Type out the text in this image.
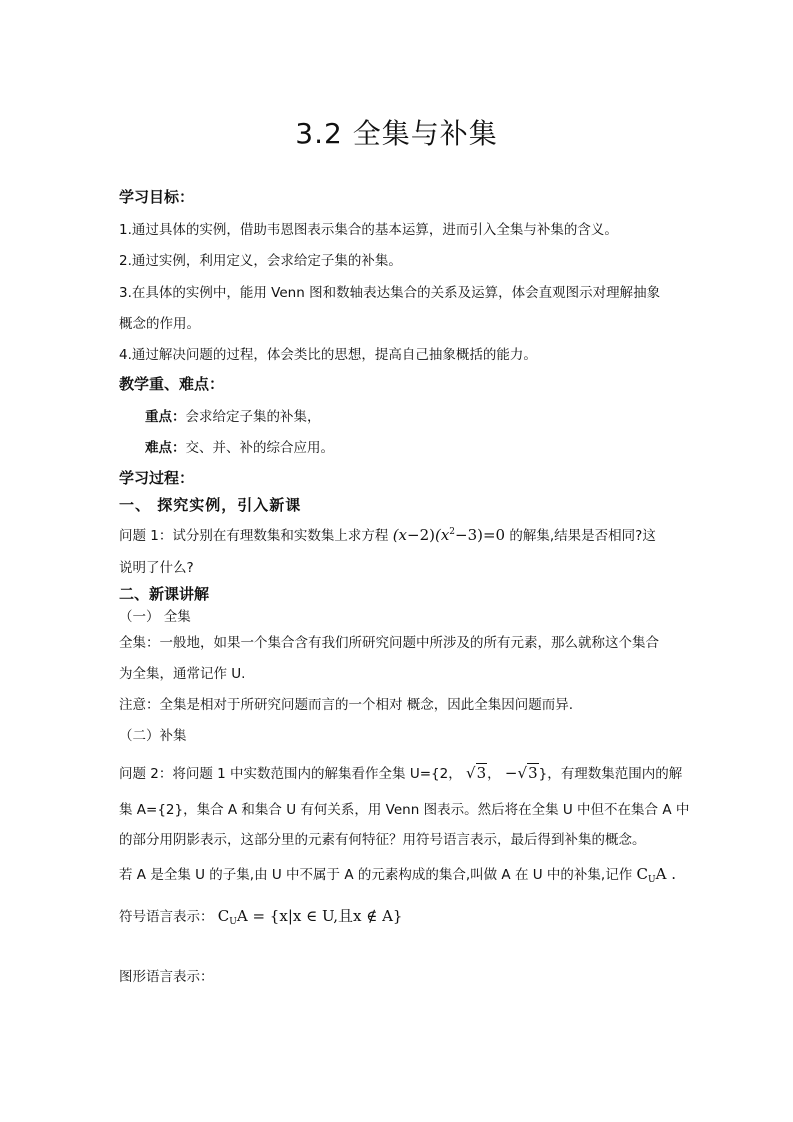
3.2 全集与补集
学习目标：
1.通过具体的实例，借助韦恩图表示集合的基本运算，进而引入全集与补集的含义。
2.通过实例，利用定义，会求给定子集的补集。
3.在具体的实例中，能用 Venn 图和数轴表达集合的关系及运算，体会直观图示对理解抽象
概念的作用。
4.通过解决问题的过程，体会类比的思想，提高自己抽象概括的能力。
教学重、难点：
重点：会求给定子集的补集，
难点：交、并、补的综合应用。
学习过程：
一、 探究实例，引入新课
问题 1：试分别在有理数集和实数集上求方程 $(x-2)(x^2-3)=0$ 的解集,结果是否相同?这
说明了什么?
二、新课讲解
（一） 全集
全集：一般地，如果一个集合含有我们所研究问题中所涉及的所有元素，那么就称这个集合
为全集，通常记作 U.
注意：全集是相对于所研究问题而言的一个相对 概念，因此全集因问题而异.
（二）补集
问题 2：将问题 1 中实数范围内的解集看作全集 U={2， √3， −√3}，有理数集范围内的解
集 A={2}，集合 A 和集合 U 有何关系，用 Venn 图表示。然后将在全集 U 中但不在集合 A 中
的部分用阴影表示，这部分里的元素有何特征？用符号语言表示，最后得到补集的概念。
若 A 是全集 U 的子集,由 U 中不属于 A 的元素构成的集合,叫做 A 在 U 中的补集,记作 $C_UA$ .
符号语言表示： $C_UA = \{x|x$ ∈ U,且x ∉ A}
图形语言表示：
